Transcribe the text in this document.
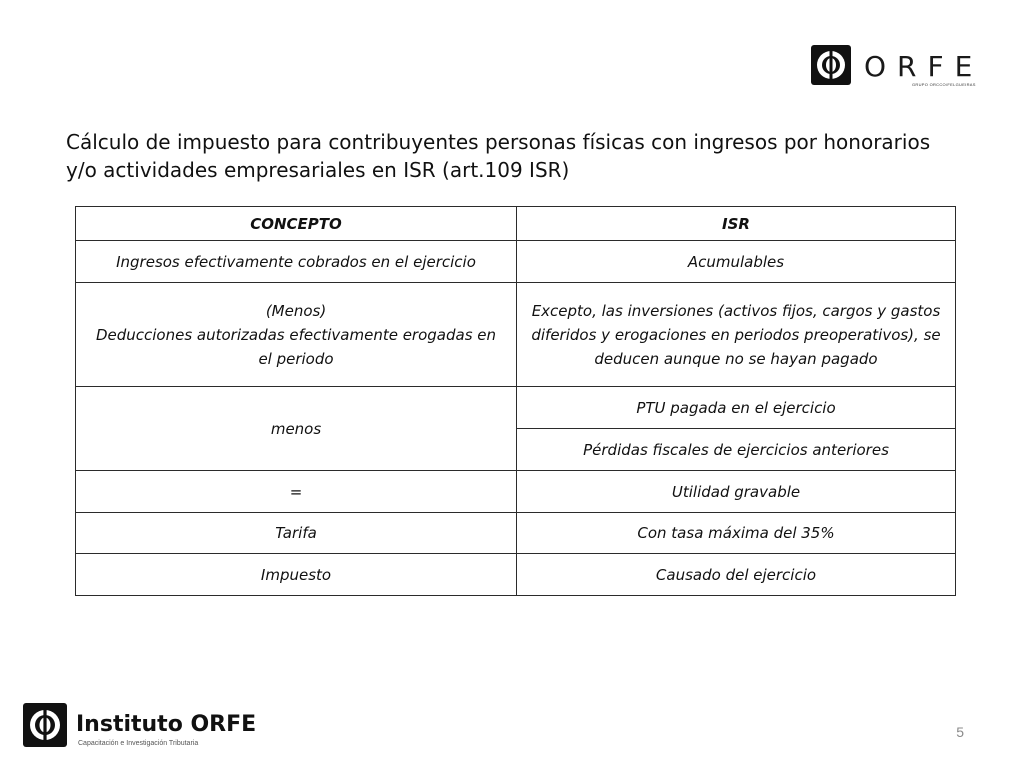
ORFE
GRUPO ORCCO/FELGUEIRAS
Cálculo de impuesto para contribuyentes personas físicas con ingresos por honorarios y/o actividades empresariales en ISR (art.109 ISR)
CONCEPTO	ISR
Ingresos efectivamente cobrados en el ejercicio	Acumulables

(Menos)
Deducciones autorizadas efectivamente erogadas en el periodo	Excepto, las inversiones (activos fijos, cargos y gastos diferidos y erogaciones en periodos preoperativos), se deducen aunque no se hayan pagado
menos	PTU pagada en el ejercicio
	Pérdidas fiscales de ejercicios anteriores
=	Utilidad gravable
Tarifa	Con tasa máxima del 35%
Impuesto	Causado del ejercicio
Instituto ORFE
Capacitación e Investigación Tributaria
5
